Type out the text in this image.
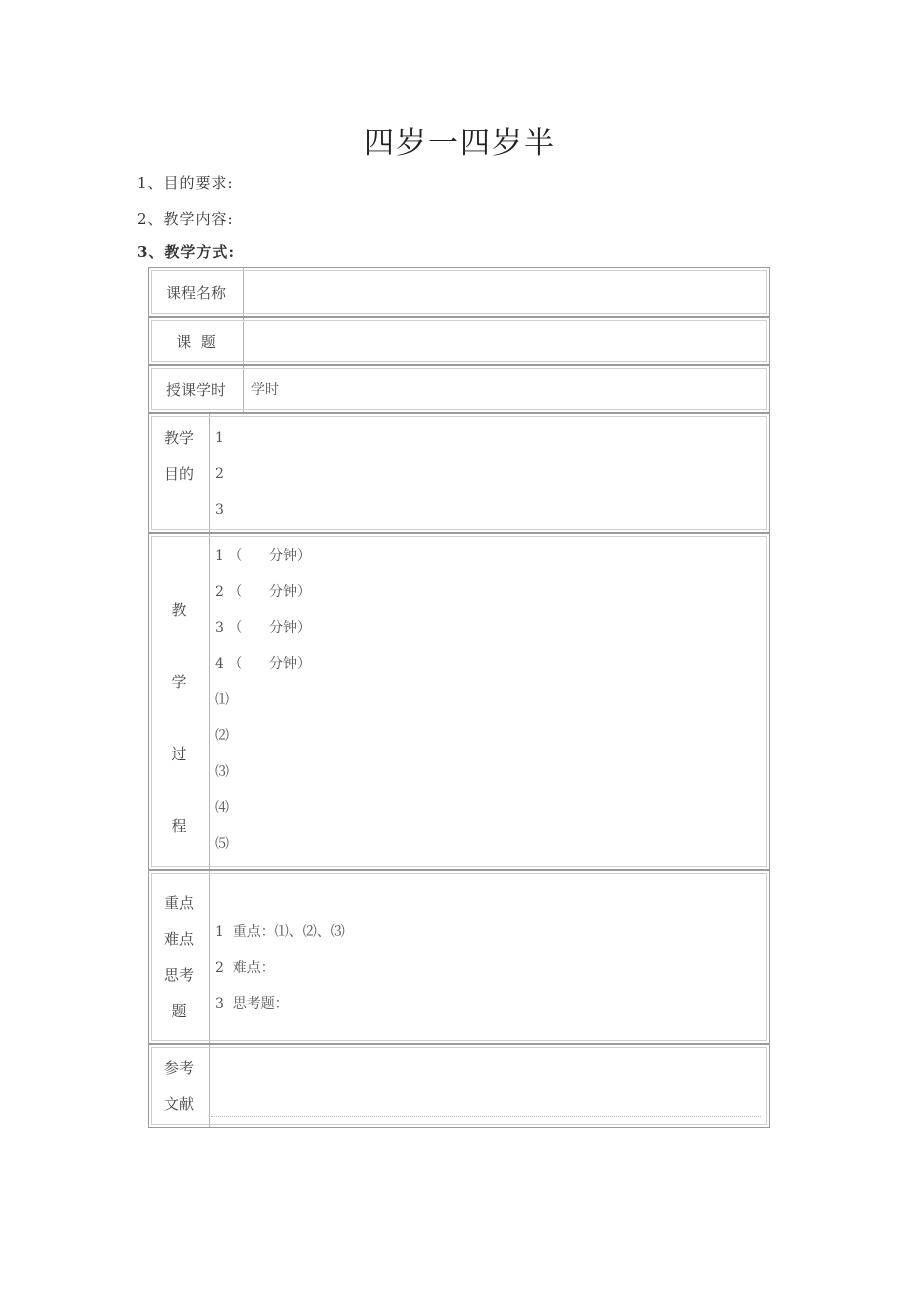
四岁一四岁半
1、目的要求:
2、教学内容:
3、教学方式:
课程名称
课  题
授课学时	学时
教学
目的
1
2
3
教
学
过
程
1 （      分钟）
2 （      分钟）
3 （      分钟）
4 （      分钟）
⑴
⑵
⑶
⑷
⑸
重点
难点
思考
题
1  重点：⑴、⑵、⑶
2  难点：
3  思考题：
参考
文献
